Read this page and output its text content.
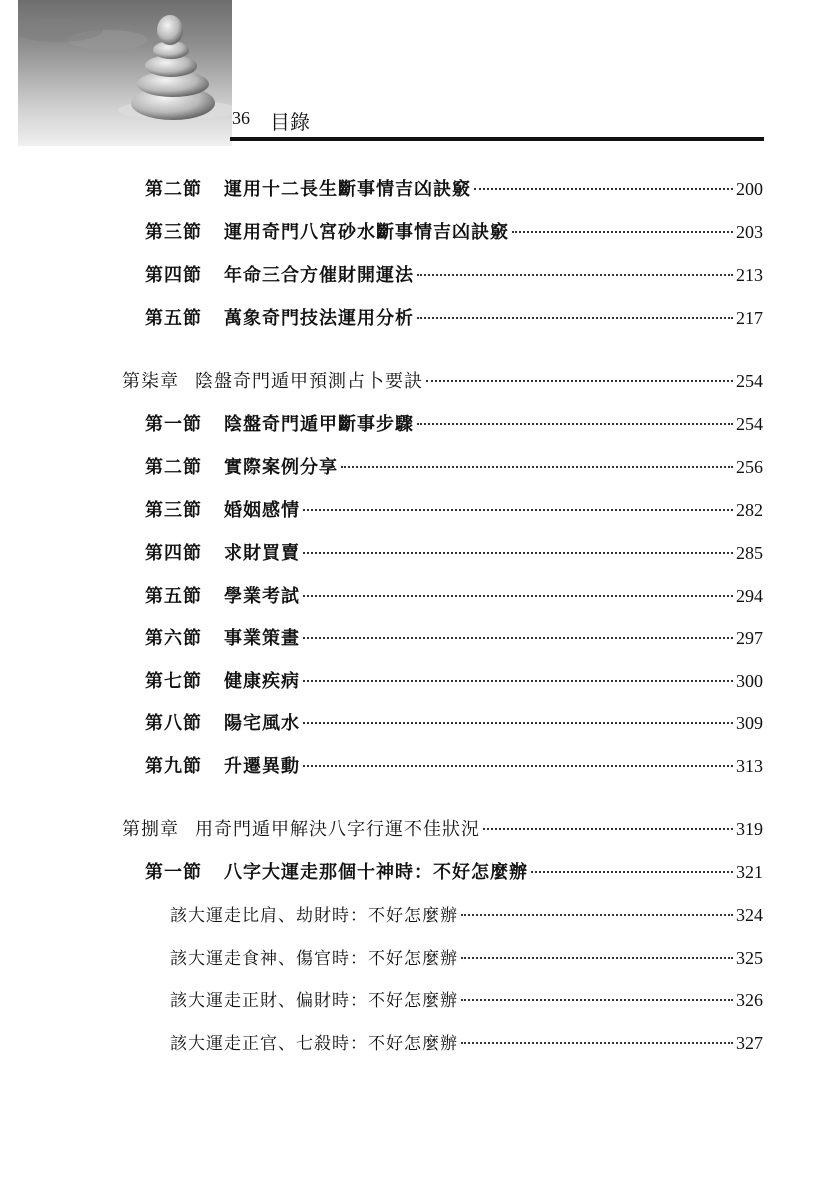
36 目錄
第二節 運用十二長生斷事情吉凶訣竅	200
第三節 運用奇門八宮砂水斷事情吉凶訣竅	203
第四節 年命三合方催財開運法	213
第五節 萬象奇門技法運用分析	217
第柒章 陰盤奇門遁甲預測占卜要訣	254
第一節 陰盤奇門遁甲斷事步驟	254
第二節 實際案例分享	256
第三節 婚姻感情	282
第四節 求財買賣	285
第五節 學業考試	294
第六節 事業策畫	297
第七節 健康疾病	300
第八節 陽宅風水	309
第九節 升遷異動	313
第捌章 用奇門遁甲解決八字行運不佳狀況	319
第一節 八字大運走那個十神時：不好怎麼辦	321
該大運走比肩、劫財時：不好怎麼辦	324
該大運走食神、傷官時：不好怎麼辦	325
該大運走正財、偏財時：不好怎麼辦	326
該大運走正官、七殺時：不好怎麼辦	327
